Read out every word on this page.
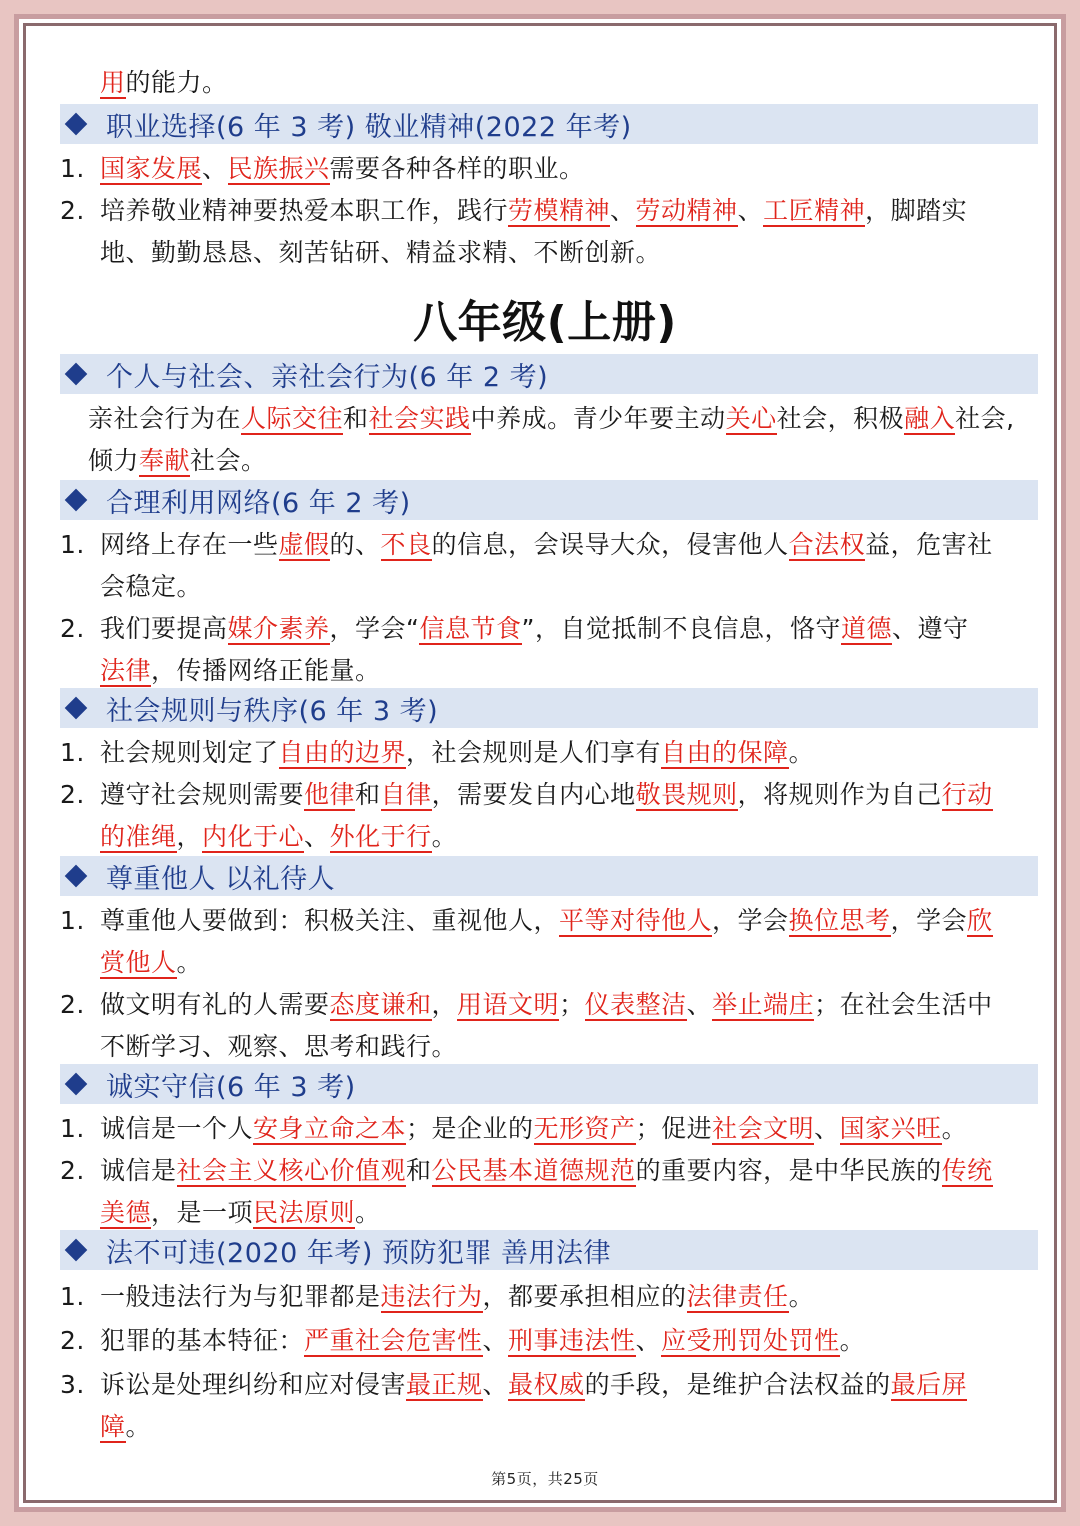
用的能力。
职业选择(6 年 3 考) 敬业精神(2022 年考)
1. 国家发展、民族振兴需要各种各样的职业。
2. 培养敬业精神要热爱本职工作，践行劳模精神、劳动精神、工匠精神，脚踏实
地、勤勤恳恳、刻苦钻研、精益求精、不断创新。
八年级(上册)
个人与社会、亲社会行为(6 年 2 考)
亲社会行为在人际交往和社会实践中养成。青少年要主动关心社会，积极融入社会,
倾力奉献社会。
合理利用网络(6 年 2 考)
1. 网络上存在一些虚假的、不良的信息，会误导大众，侵害他人合法权益，危害社
会稳定。
2. 我们要提高媒介素养，学会“信息节食”，自觉抵制不良信息，恪守道德、遵守
法律，传播网络正能量。
社会规则与秩序(6 年 3 考)
1. 社会规则划定了自由的边界，社会规则是人们享有自由的保障。
2. 遵守社会规则需要他律和自律，需要发自内心地敬畏规则，将规则作为自己行动
的准绳，内化于心、外化于行。
尊重他人 以礼待人
1. 尊重他人要做到：积极关注、重视他人，平等对待他人，学会换位思考，学会欣
赏他人。
2. 做文明有礼的人需要态度谦和，用语文明；仪表整洁、举止端庄；在社会生活中
不断学习、观察、思考和践行。
诚实守信(6 年 3 考)
1. 诚信是一个人安身立命之本；是企业的无形资产；促进社会文明、国家兴旺。
2. 诚信是社会主义核心价值观和公民基本道德规范的重要内容，是中华民族的传统
美德，是一项民法原则。
法不可违(2020 年考) 预防犯罪 善用法律
1. 一般违法行为与犯罪都是违法行为，都要承担相应的法律责任。
2. 犯罪的基本特征：严重社会危害性、刑事违法性、应受刑罚处罚性。
3. 诉讼是处理纠纷和应对侵害最正规、最权威的手段，是维护合法权益的最后屏
障。
第5页，共25页
